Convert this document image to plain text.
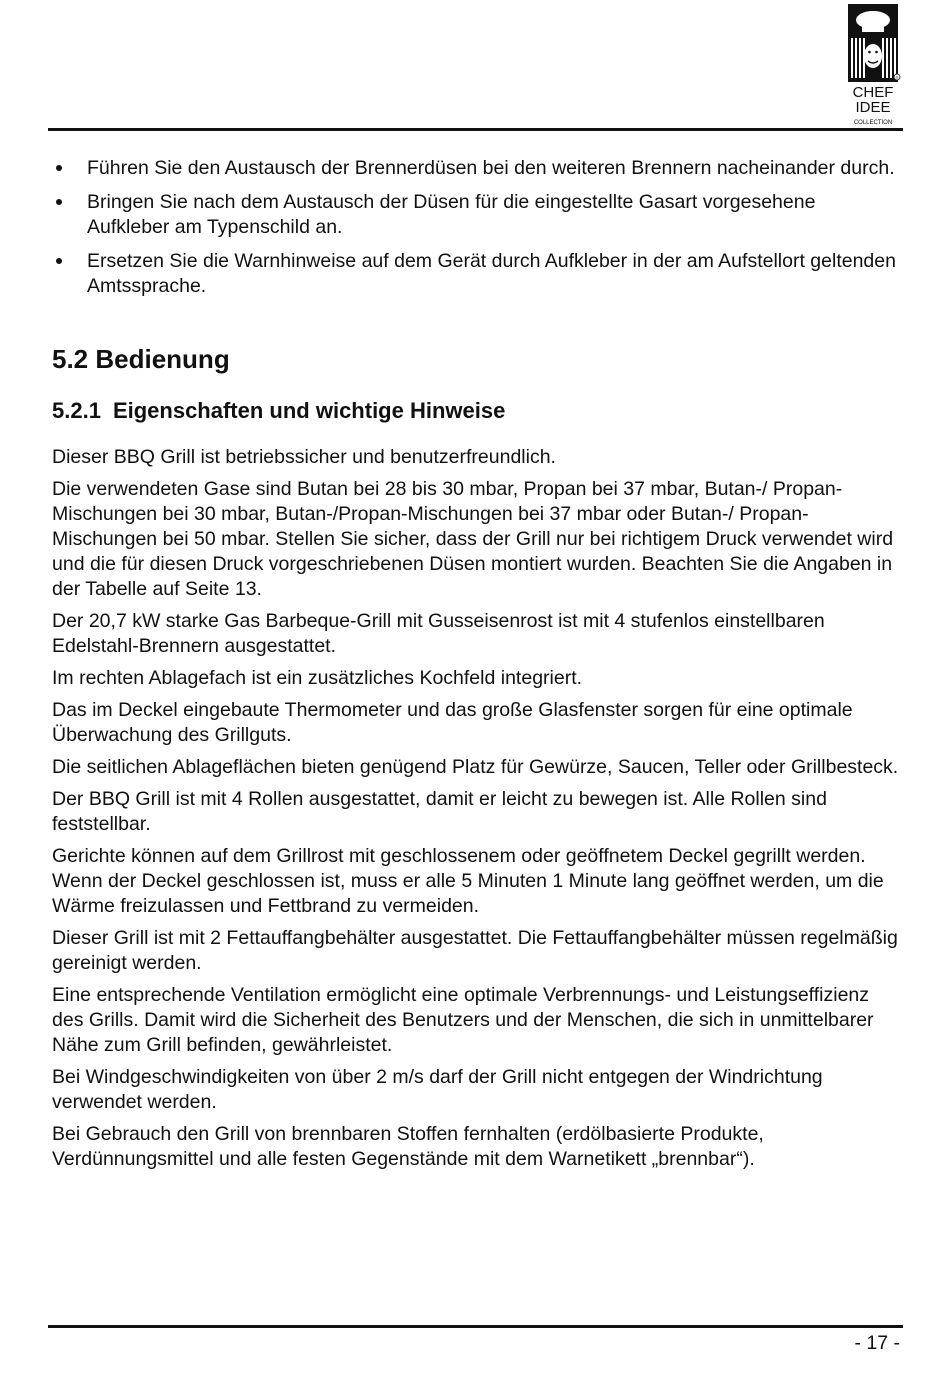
®
CHEF
IDEE
COLLECTION
Führen Sie den Austausch der Brennerdüsen bei den weiteren Brennern nacheinander durch.
Bringen Sie nach dem Austausch der Düsen für die eingestellte Gasart vorgesehene Aufkleber am Typenschild an.
Ersetzen Sie die Warnhinweise auf dem Gerät durch Aufkleber in der am Aufstellort geltenden Amtssprache.
5.2 Bedienung
5.2.1 Eigenschaften und wichtige Hinweise

Dieser BBQ Grill ist betriebssicher und benutzerfreundlich.

Die verwendeten Gase sind Butan bei 28 bis 30 mbar, Propan bei 37 mbar, Butan-/ Propan-Mischungen bei 30 mbar, Butan-/Propan-Mischungen bei 37 mbar oder Butan-/ Propan- Mischungen bei 50 mbar. Stellen Sie sicher, dass der Grill nur bei richtigem Druck verwendet wird und die für diesen Druck vorgeschriebenen Düsen montiert wurden. Beachten Sie die Angaben in der Tabelle auf Seite 13.

Der 20,7 kW starke Gas Barbeque-Grill mit Gusseisenrost ist mit 4 stufenlos einstellbaren Edelstahl-Brennern ausgestattet.

Im rechten Ablagefach ist ein zusätzliches Kochfeld integriert.

Das im Deckel eingebaute Thermometer und das große Glasfenster sorgen für eine optimale Überwachung des Grillguts.

Die seitlichen Ablageflächen bieten genügend Platz für Gewürze, Saucen, Teller oder Grillbesteck.

Der BBQ Grill ist mit 4 Rollen ausgestattet, damit er leicht zu bewegen ist. Alle Rollen sind feststellbar.

Gerichte können auf dem Grillrost mit geschlossenem oder geöffnetem Deckel gegrillt werden. Wenn der Deckel geschlossen ist, muss er alle 5 Minuten 1 Minute lang geöffnet werden, um die Wärme freizulassen und Fettbrand zu vermeiden.

Dieser Grill ist mit 2 Fettauffangbehälter ausgestattet. Die Fettauffangbehälter müssen regelmäßig gereinigt werden.

Eine entsprechende Ventilation ermöglicht eine optimale Verbrennungs- und Leistungseffizienz des Grills. Damit wird die Sicherheit des Benutzers und der Menschen, die sich in unmittelbarer Nähe zum Grill befinden, gewährleistet.

Bei Windgeschwindigkeiten von über 2 m/s darf der Grill nicht entgegen der Windrichtung verwendet werden.

Bei Gebrauch den Grill von brennbaren Stoffen fernhalten (erdölbasierte Produkte, Verdünnungsmittel und alle festen Gegenstände mit dem Warnetikett „brennbar“).

- 17 -
